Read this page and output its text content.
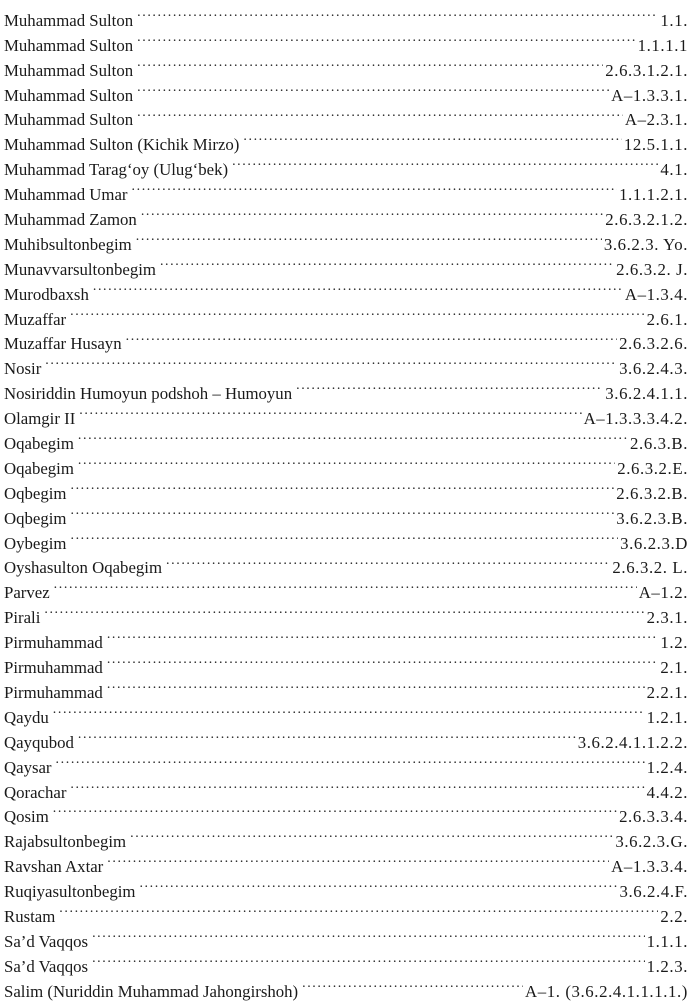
Muhammad Sulton .....	1.1.
Muhammad Sulton .....	1.1.1.1
Muhammad Sulton .....	2.6.3.1.2.1.
Muhammad Sulton .....	A–1.3.3.1.
Muhammad Sulton .....	A–2.3.1.
Muhammad Sulton (Kichik Mirzo) .....	12.5.1.1.
Muhammad Tarag‘oy (Ulug‘bek) .....	4.1.
Muhammad Umar .....	1.1.1.2.1.
Muhammad Zamon .....	2.6.3.2.1.2.
Muhibsultonbegim .....	3.6.2.3. Yo.
Munavvarsultonbegim .....	2.6.3.2. J.
Murodbaxsh .....	A–1.3.4.
Muzaffar .....	2.6.1.
Muzaffar Husayn .....	2.6.3.2.6.
Nosir .....	3.6.2.4.3.
Nosiriddin Humoyun podshoh – Humoyun .....	3.6.2.4.1.1.
Olamgir II .....	A–1.3.3.3.4.2.
Oqabegim .....	2.6.3.B.
Oqabegim .....	2.6.3.2.E.
Oqbegim .....	2.6.3.2.B.
Oqbegim .....	3.6.2.3.B.
Oybegim .....	3.6.2.3.D
Oyshasulton Oqabegim .....	2.6.3.2. L.
Parvez .....	A–1.2.
Pirali .....	2.3.1.
Pirmuhammad .....	1.2.
Pirmuhammad .....	2.1.
Pirmuhammad .....	2.2.1.
Qaydu .....	1.2.1.
Qayqubod .....	3.6.2.4.1.1.2.2.
Qaysar .....	1.2.4.
Qorachar .....	4.4.2.
Qosim .....	2.6.3.3.4.
Rajabsultonbegim .....	3.6.2.3.G.
Ravshan Axtar .....	A–1.3.3.4.
Ruqiyasultonbegim .....	3.6.2.4.F.
Rustam .....	2.2.
Sa’d Vaqqos .....	1.1.1.
Sa’d Vaqqos .....	1.2.3.
Salim (Nuriddin Muhammad Jahongirshoh) .....	A–1. (3.6.2.4.1.1.1.1.)
